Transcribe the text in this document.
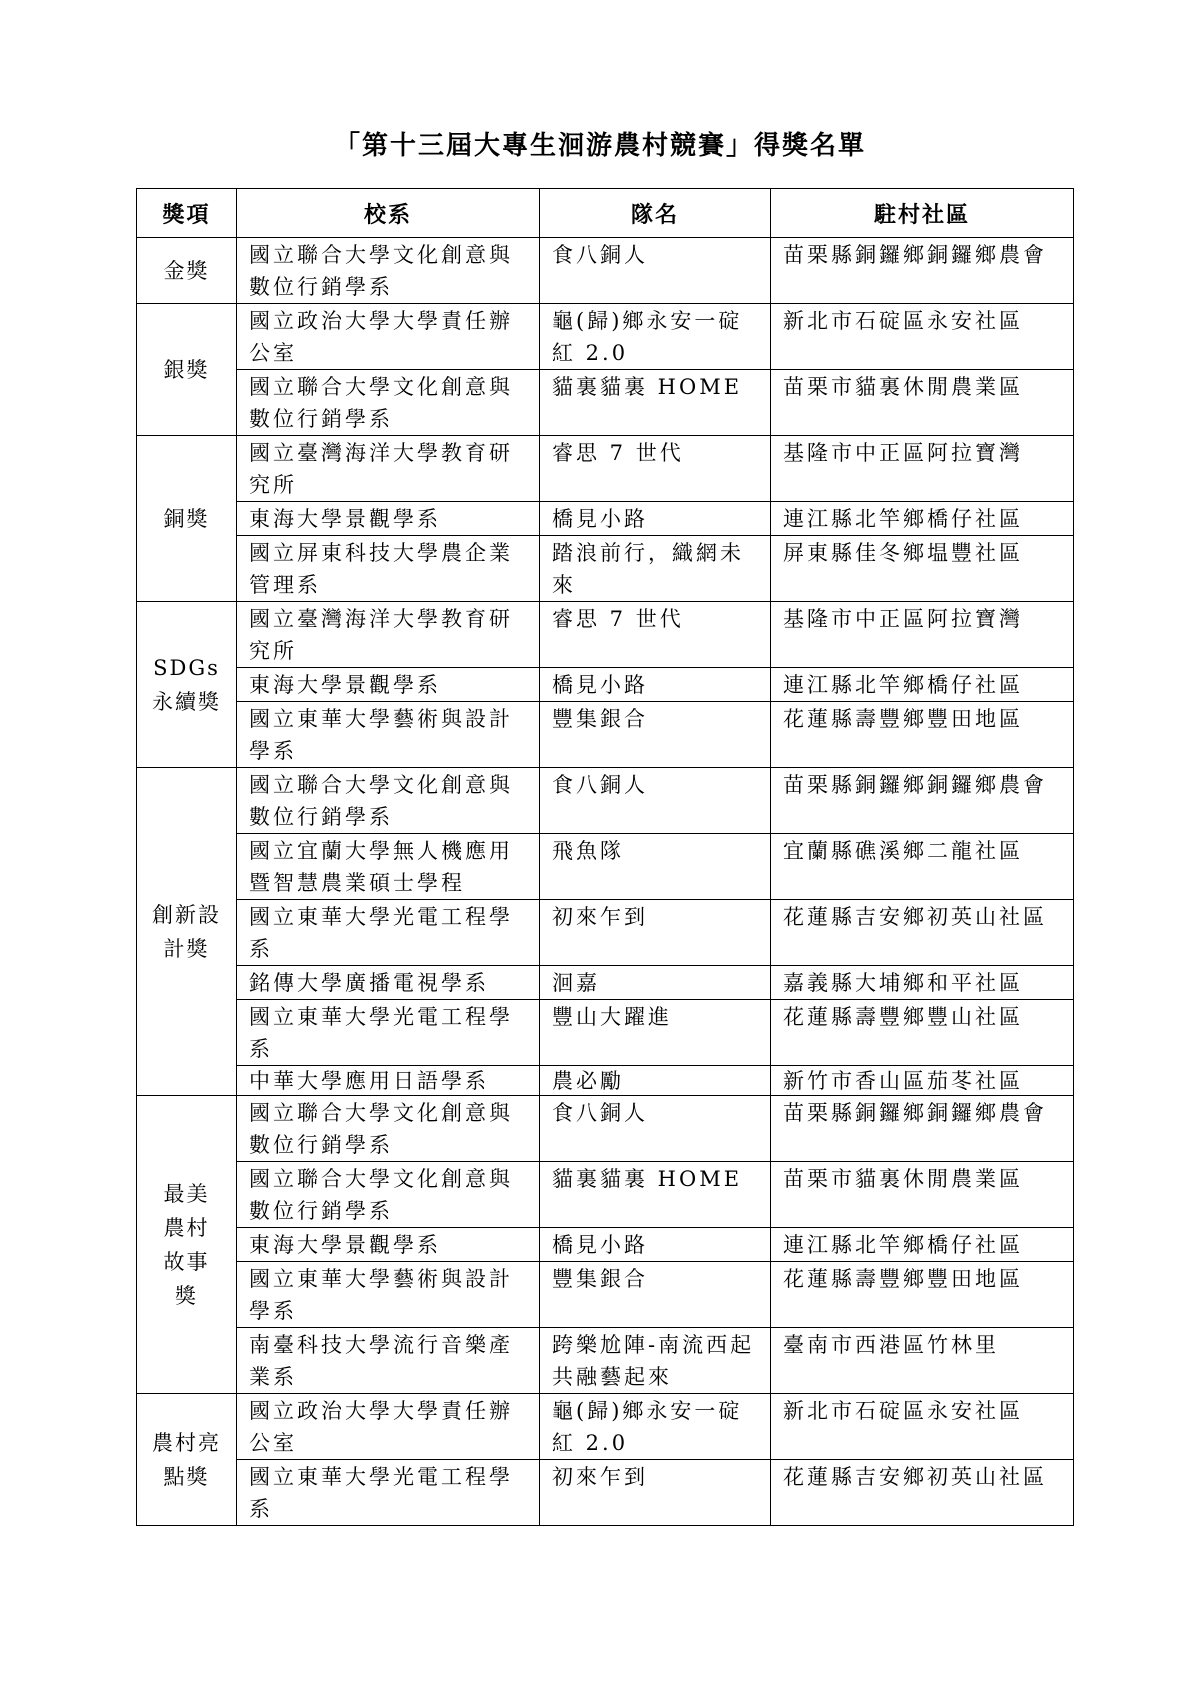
「第十三屆大專生洄游農村競賽」得獎名單
獎項	校系	隊名	駐村社區

金獎	國立聯合大學文化創意與數位行銷學系	食八銅人	苗栗縣銅鑼鄉銅鑼鄉農會

銀獎	國立政治大學大學責任辦公室	龜(歸)鄉永安一碇紅 2.0	新北市石碇區永安社區
	國立聯合大學文化創意與數位行銷學系	貓裏貓裏 HOME	苗栗市貓裏休閒農業區

銅獎	國立臺灣海洋大學教育研究所	睿思 7 世代	基隆市中正區阿拉寶灣
	東海大學景觀學系	橋見小路	連江縣北竿鄉橋仔社區
	國立屏東科技大學農企業管理系	踏浪前行，織網未來	屏東縣佳冬鄉塭豐社區

SDGs
永續獎	國立臺灣海洋大學教育研究所	睿思 7 世代	基隆市中正區阿拉寶灣
	東海大學景觀學系	橋見小路	連江縣北竿鄉橋仔社區
	國立東華大學藝術與設計學系	豐集銀合	花蓮縣壽豐鄉豐田地區

創新設
計獎	國立聯合大學文化創意與數位行銷學系	食八銅人	苗栗縣銅鑼鄉銅鑼鄉農會
	國立宜蘭大學無人機應用暨智慧農業碩士學程	飛魚隊	宜蘭縣礁溪鄉二龍社區
	國立東華大學光電工程學系	初來乍到	花蓮縣吉安鄉初英山社區
	銘傳大學廣播電視學系	洄嘉	嘉義縣大埔鄉和平社區
	國立東華大學光電工程學系	豐山大躍進	花蓮縣壽豐鄉豐山社區
	中華大學應用日語學系	農必勵	新竹市香山區茄苳社區

最美
農村
故事
獎	國立聯合大學文化創意與數位行銷學系	食八銅人	苗栗縣銅鑼鄉銅鑼鄉農會
	國立聯合大學文化創意與數位行銷學系	貓裏貓裏 HOME	苗栗市貓裏休閒農業區
	東海大學景觀學系	橋見小路	連江縣北竿鄉橋仔社區
	國立東華大學藝術與設計學系	豐集銀合	花蓮縣壽豐鄉豐田地區
	南臺科技大學流行音樂產業系	跨樂尬陣-南流西起共融藝起來	臺南市西港區竹林里

農村亮
點獎	國立政治大學大學責任辦公室	龜(歸)鄉永安一碇紅 2.0	新北市石碇區永安社區
	國立東華大學光電工程學系	初來乍到	花蓮縣吉安鄉初英山社區
